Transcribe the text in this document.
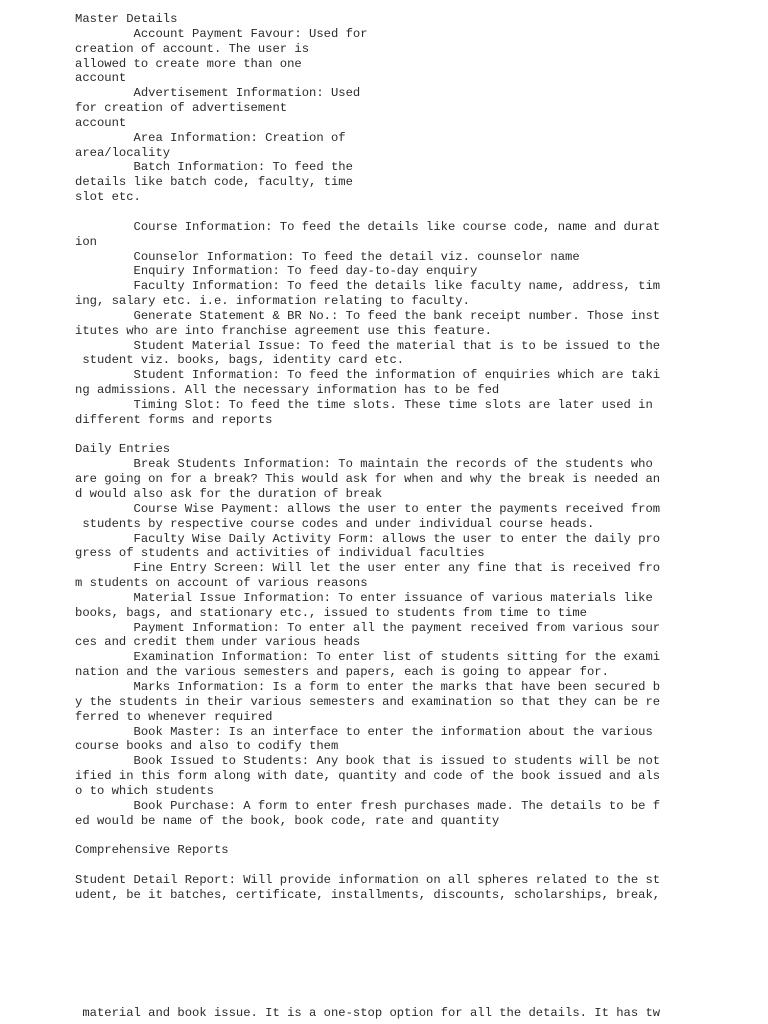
Master Details
Account Payment Favour: Used for
creation of account. The user is
allowed to create more than one
account
Advertisement Information: Used
for creation of advertisement
account
Area Information: Creation of
area/locality
Batch Information: To feed the
details like batch code, faculty, time
slot etc.

Course Information: To feed the details like course code, name and durat
ion
Counselor Information: To feed the detail viz. counselor name
Enquiry Information: To feed day-to-day enquiry
Faculty Information: To feed the details like faculty name, address, tim
ing, salary etc. i.e. information relating to faculty.
Generate Statement & BR No.: To feed the bank receipt number. Those inst
itutes who are into franchise agreement use this feature.
Student Material Issue: To feed the material that is to be issued to the
student viz. books, bags, identity card etc.
Student Information: To feed the information of enquiries which are taki
ng admissions. All the necessary information has to be fed
Timing Slot: To feed the time slots. These time slots are later used in
different forms and reports

Daily Entries
Break Students Information: To maintain the records of the students who
are going on for a break? This would ask for when and why the break is needed an
d would also ask for the duration of break
Course Wise Payment: allows the user to enter the payments received from
students by respective course codes and under individual course heads.
Faculty Wise Daily Activity Form: allows the user to enter the daily pro
gress of students and activities of individual faculties
Fine Entry Screen: Will let the user enter any fine that is received fro
m students on account of various reasons
Material Issue Information: To enter issuance of various materials like
books, bags, and stationary etc., issued to students from time to time
Payment Information: To enter all the payment received from various sour
ces and credit them under various heads
Examination Information: To enter list of students sitting for the exami
nation and the various semesters and papers, each is going to appear for.
Marks Information: Is a form to enter the marks that have been secured b
y the students in their various semesters and examination so that they can be re
ferred to whenever required
Book Master: Is an interface to enter the information about the various
course books and also to codify them
Book Issued to Students: Any book that is issued to students will be not
ified in this form along with date, quantity and code of the book issued and als
o to which students
Book Purchase: A form to enter fresh purchases made. The details to be f
ed would be name of the book, book code, rate and quantity

Comprehensive Reports

Student Detail Report: Will provide information on all spheres related to the st
udent, be it batches, certificate, installments, discounts, scholarships, break,
material and book issue. It is a one-stop option for all the details. It has tw
